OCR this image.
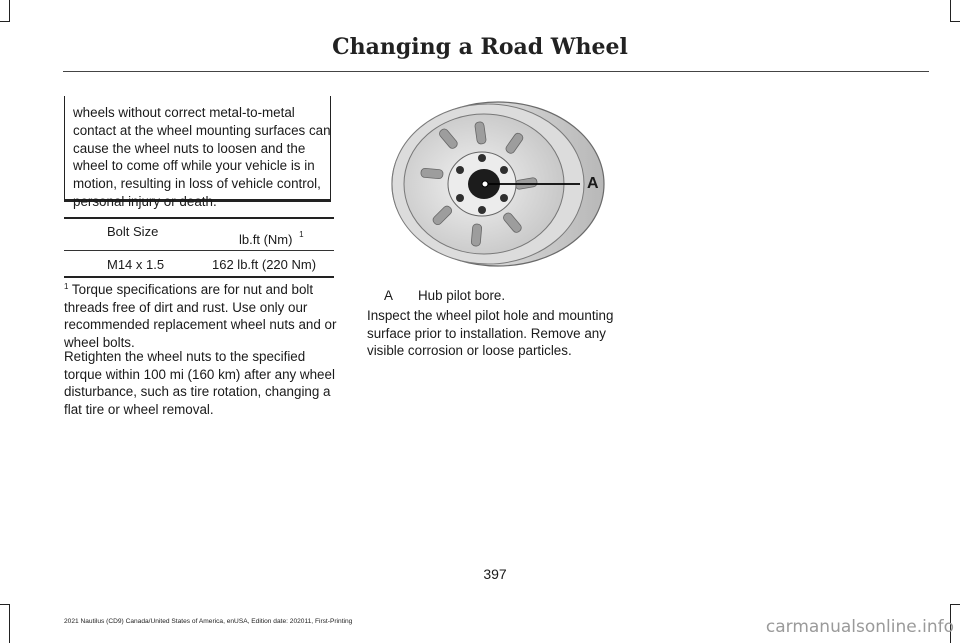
Changing a Road Wheel
wheels without correct metal-to-metal contact at the wheel mounting surfaces can cause the wheel nuts to loosen and the wheel to come off while your vehicle is in motion, resulting in loss of vehicle control, personal injury or death.
Bolt Size
lb.ft (Nm) $^1$
M14 x 1.5	162 lb.ft (220 Nm)
$^1$ Torque specifications are for nut and bolt threads free of dirt and rust. Use only our recommended replacement wheel nuts and or wheel bolts.
Retighten the wheel nuts to the specified torque within 100 mi (160 km) after any wheel disturbance, such as tire rotation, changing a flat tire or wheel removal.
A
A Hub pilot bore.
Inspect the wheel pilot hole and mounting surface prior to installation. Remove any visible corrosion or loose particles.
397
2021 Nautilus (CD9) Canada/United States of America, enUSA, Edition date: 202011, First-Printing	carmanualsonline.info
